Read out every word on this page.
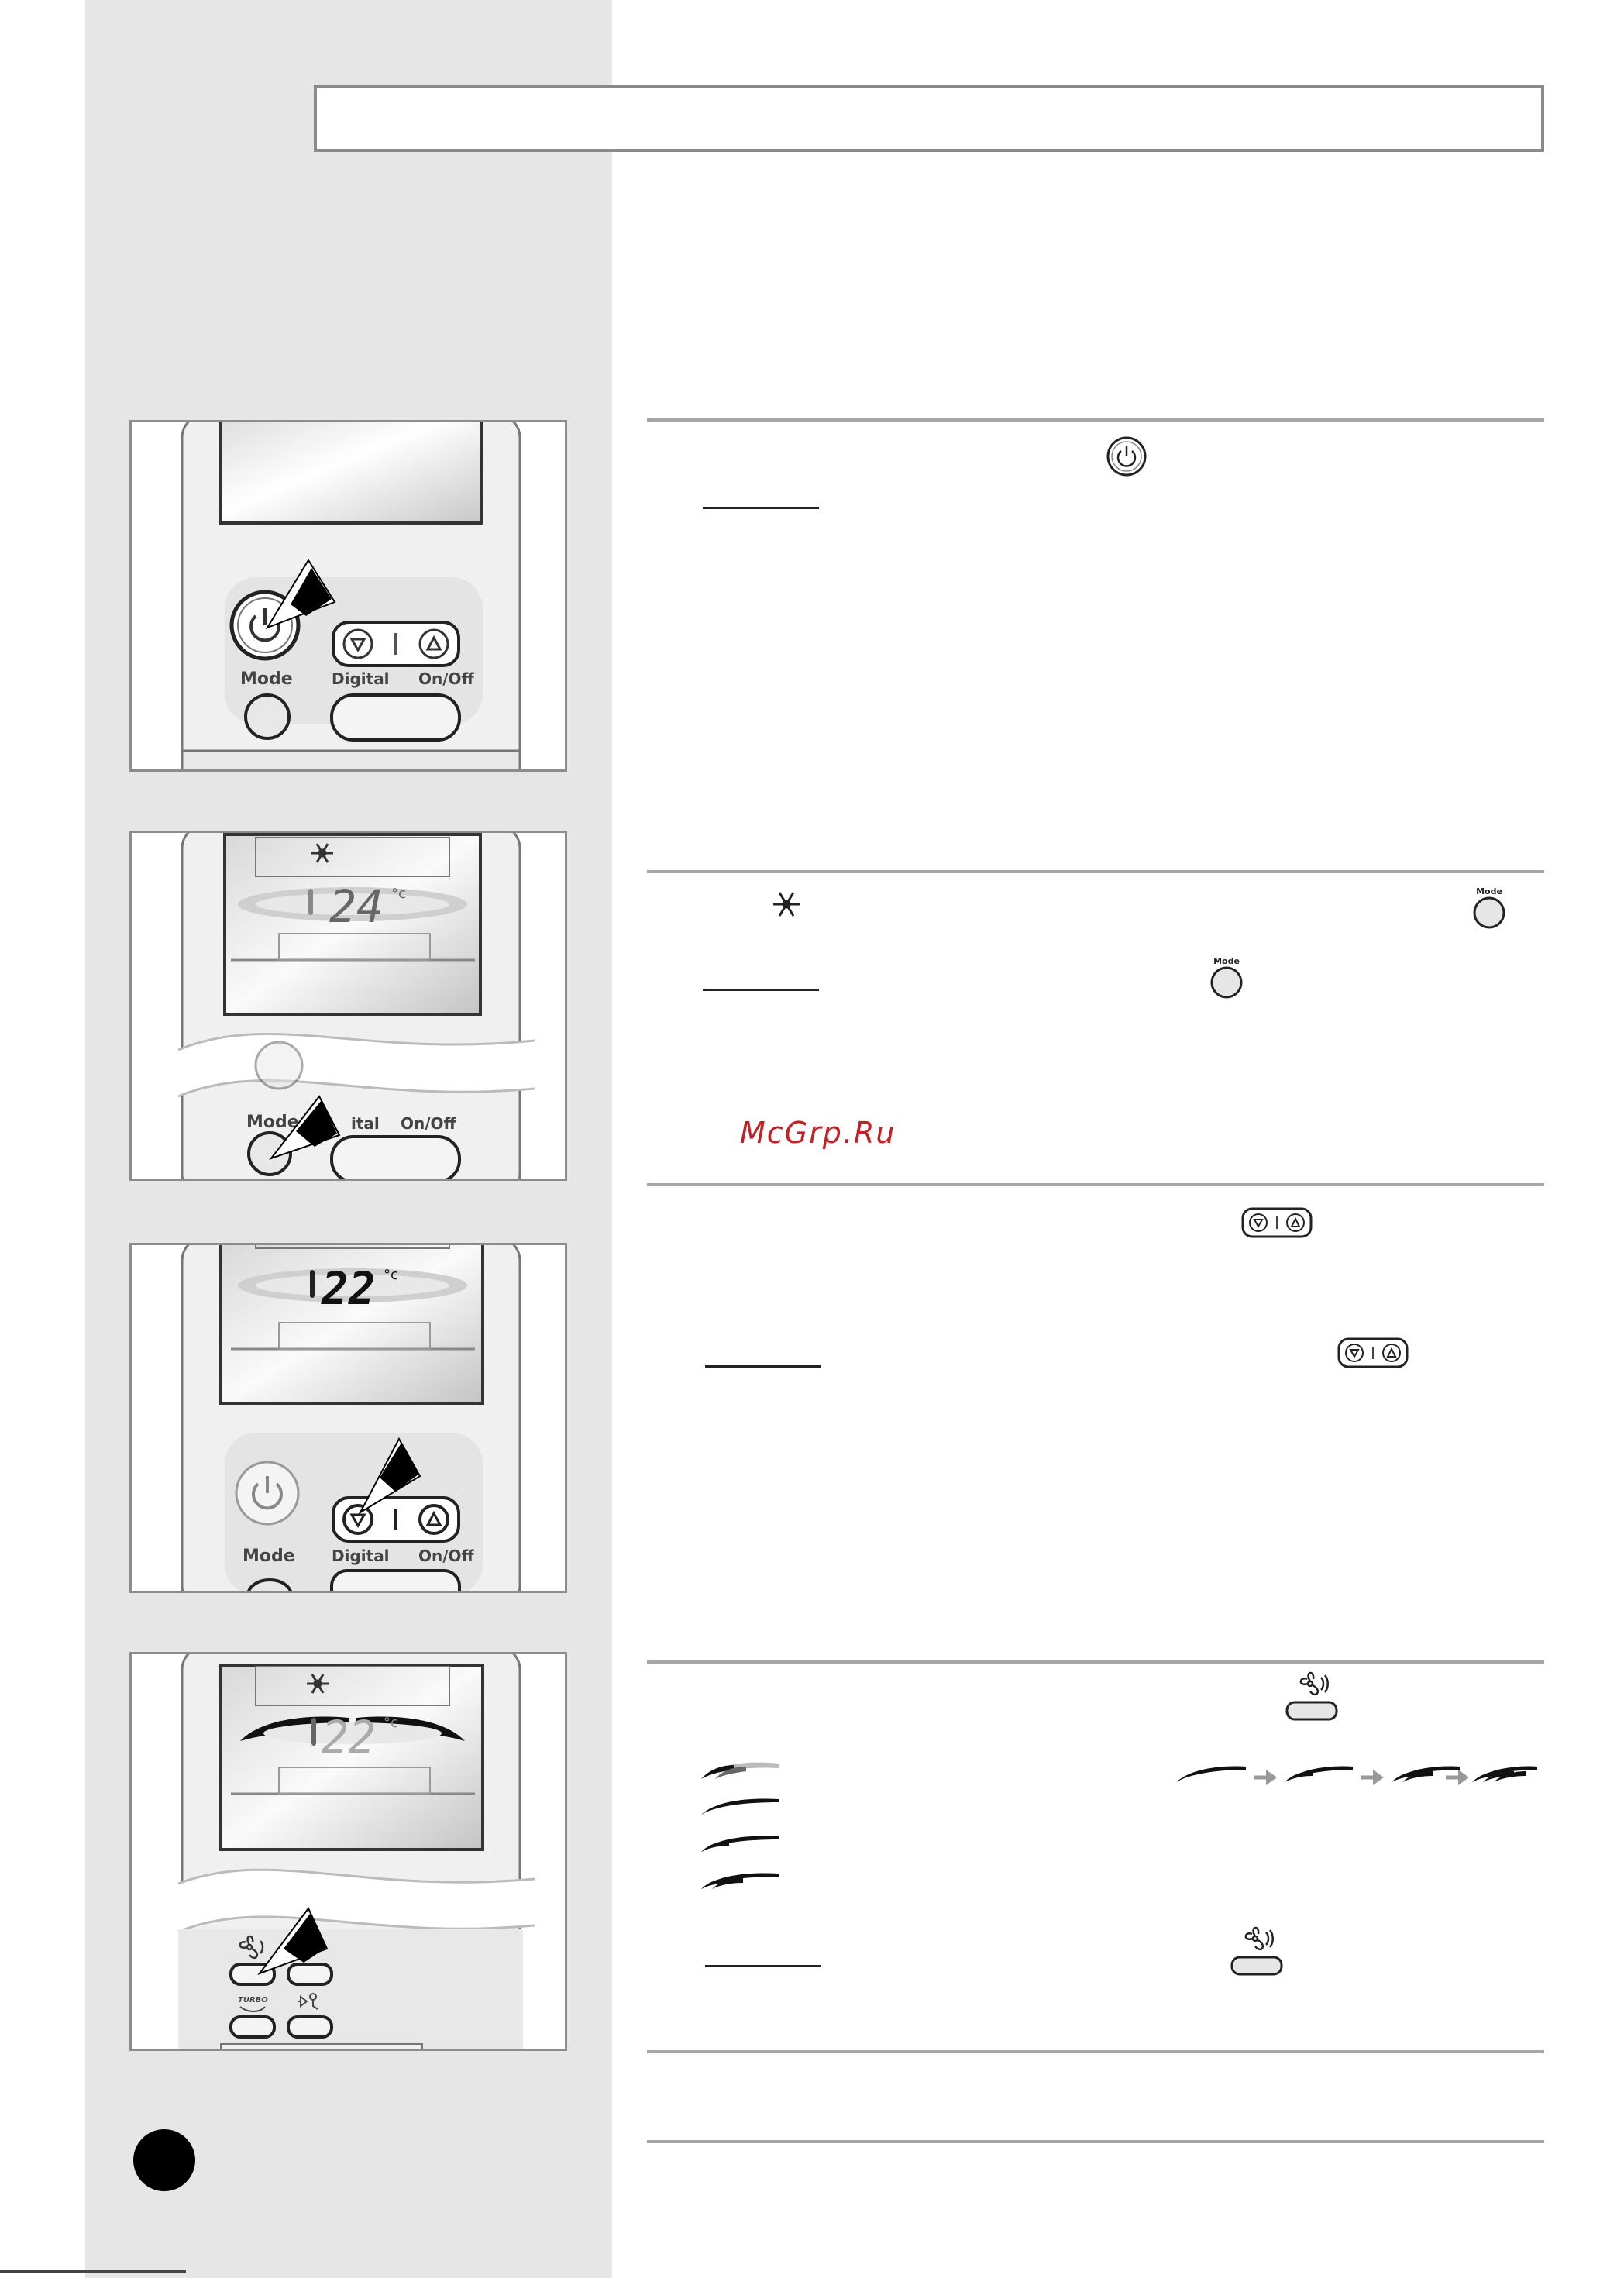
Mode	Digital On/Off
24 °c
Mode	ital On/Off
22 °c
Mode Digital On/Off
22 °c
TURBO
Mode
Mode
McGrp.Ru
